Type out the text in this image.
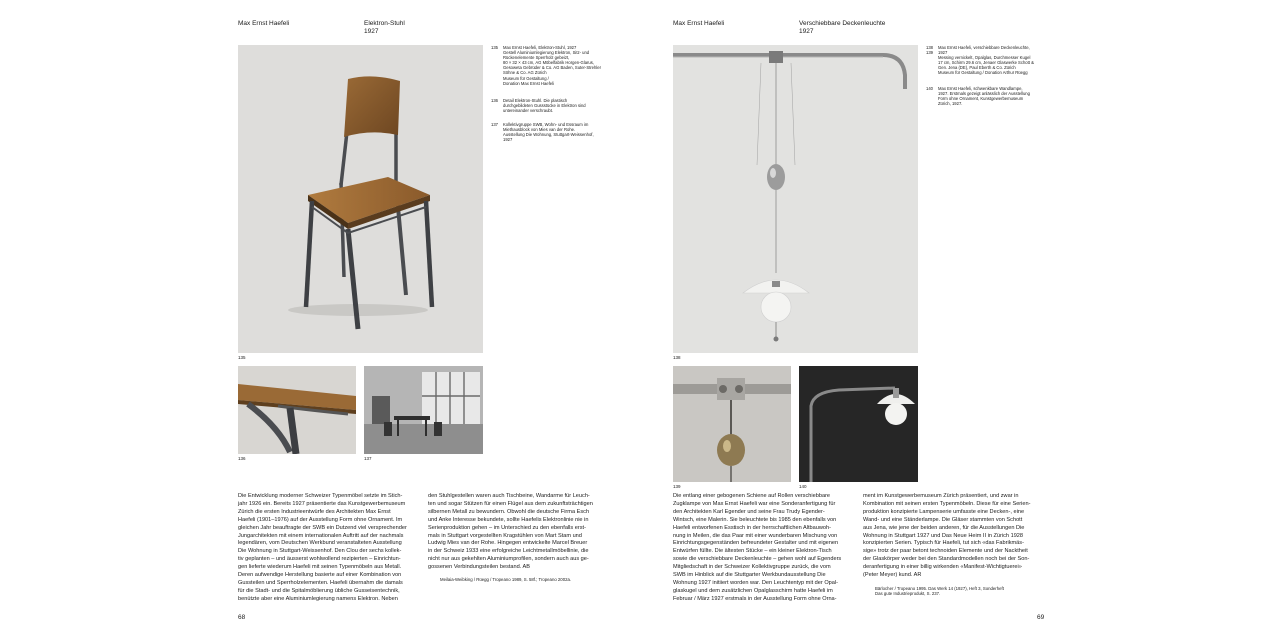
Max Ernst Haefeli	Elektron-Stuhl
1927
135
136	137
135	Max Ernst Haefeli, Elektron-Stuhl, 1927
Gestell Aluminiumlegierung Elektron, Sitz- und
Rückenelemente Sperrholz gebeizt,
80 × 32 × 43 cm, AG Möbelfabrik Horgen-Glarus,
Gesoweta Gebrüder & Co. AG Baden, Suter-Strehler
Söhne & Co. AG Zürich
Museum für Gestaltung /
Donation Max Ernst Haefeli
136	Detail Elektron-Stuhl. Die plastisch
durchgebildeten Gussstücke in Elektron sind
untereinander verschraubt.
137	Kollektivgruppe SWB, Wohn- und Essraum im
Miethausblock von Mies van der Rohe.
Ausstellung Die Wohnung, Stuttgart-Weissenhof,
1927
Die Entwicklung moderner Schweizer Typenmöbel setzte im Stich-
jahr 1926 ein. Bereits 1927 präsentierte das Kunstgewerbemuseum
Zürich die ersten Industrieentwürfe des Architekten Max Ernst
Haefeli (1901–1976) auf der Ausstellung Form ohne Ornament. Im
gleichen Jahr beauftragte der SWB ein Dutzend viel versprechender
Jungarchitekten mit einem internationalen Auftritt auf der nachmals
legendären, vom Deutschen Werkbund veranstalteten Ausstellung
Die Wohnung in Stuttgart-Weissenhof. Den Clou der sechs kollek-
tiv geplanten – und äusserst wohlwollend rezipierten – Einrichtun-
gen lieferte wiederum Haefeli mit seinen Typenmöbeln aus Metall.
Deren aufwendige Herstellung basierte auf einer Kombination von
Gussteilen und Sperrholzelementen. Haefeli übernahm die damals
für die Stadt- und die Spitalmöblierung übliche Gusseisentechnik,
benützte aber eine Aluminiumlegierung namens Elektron. Neben
den Stuhlgestellen waren auch Tischbeine, Wandarme für Leuch-
ten und sogar Stützen für einen Flügel aus dem zukunftsträchtigen
silbernen Metall zu bewundern. Obwohl die deutsche Firma Esch
und Anke Interesse bekundete, sollte Haefelis Elektronlinie nie in
Serienproduktion gehen – im Unterschied zu den ebenfalls erst-
mals in Stuttgart vorgestellten Kragstühlen von Mart Stam und
Ludwig Mies van der Rohe. Hingegen entwickelte Marcel Breuer
in der Schweiz 1933 eine erfolgreiche Leichtmetallmöbellinie, die
nicht nur aus gekehlten Aluminiumprofilen, sondern auch aus ge-
gossenen Verbindungsteilen bestand. AB
Meilaia-Weibking / Rüegg / Tropeano 1989, S. 58f.; Tropeano 2002a.
68
Max Ernst Haefeli	Verschiebbare Deckenleuchte
1927
138
139	140
138
139
Max Ernst Haefeli, verschiebbare Deckenleuchte,
1927
Messing vernickelt, Opalglas, Durchmesser Kugel
17 cm, Schirm 29.6 cm, Jenaer Glaswerke Schott &
Gen. Jena (DE), Paul Eberth & Co. Zürich
Museum für Gestaltung / Donation Arthur Rüegg
140	Max Ernst Haefeli, schwenkbare Wandlampe,
1927. Erstmals gezeigt anlässlich der Ausstellung
Form ohne Ornament, Kunstgewerbemuseum
Zürich, 1927.
Die entlang einer gebogenen Schiene auf Rollen verschiebbare
Zugklampe von Max Ernst Haefeli war eine Sonderanfertigung für
den Architekten Karl Egender und seine Frau Trudy Egender-
Wintsch, eine Malerin. Sie beleuchtete bis 1985 den ebenfalls von
Haefeli entworfenen Esstisch in der herrschaftlichen Altbauwoh-
nung in Meilen, die das Paar mit einer wunderbaren Mischung von
Einrichtungsgegenständen befreundeter Gestalter und mit eigenen
Entwürfen füllte. Die ältesten Stücke – ein kleiner Elektron-Tisch
sowie die verschiebbare Deckenleuchte – gehen wohl auf Egenders
Mitgliedschaft in der Schweizer Kollektivgruppe zurück, die vom
SWB im Hinblick auf die Stuttgarter Werkbundausstellung Die
Wohnung 1927 initiiert worden war. Den Leuchtentyp mit der Opal-
glaskugel und dem zusätzlichen Opalglasschirm hatte Haefeli im
Februar / März 1927 erstmals in der Ausstellung Form ohne Orna-
ment im Kunstgewerbemuseum Zürich präsentiert, und zwar in
Kombination mit seinen ersten Typenmöbeln. Diese für eine Serien-
produktion konzipierte Lampenserie umfasste eine Decken-, eine
Wand- und eine Ständerlampe. Die Gläser stammten von Schott
aus Jena, wie jene der beiden anderen, für die Ausstellungen Die
Wohnung in Stuttgart 1927 und Das Neue Heim II in Zürich 1928
konzipierten Serien. Typisch für Haefeli, tut sich «das Fabrikmäs-
sige» trotz der paar betont technoiden Elemente und der Nacktheit
der Glaskörper weder bei den Standardmodellen noch bei der Son-
deranfertigung in einer billig wirkenden «Manifest-Wichtigtuerei»
(Peter Meyer) kund. AR
Bärlocher / Tropeano 1995. Das Werk 14 (1927), Heft 3, Sonderheft
Das gute Industrieprodukt, S. 237.
69
